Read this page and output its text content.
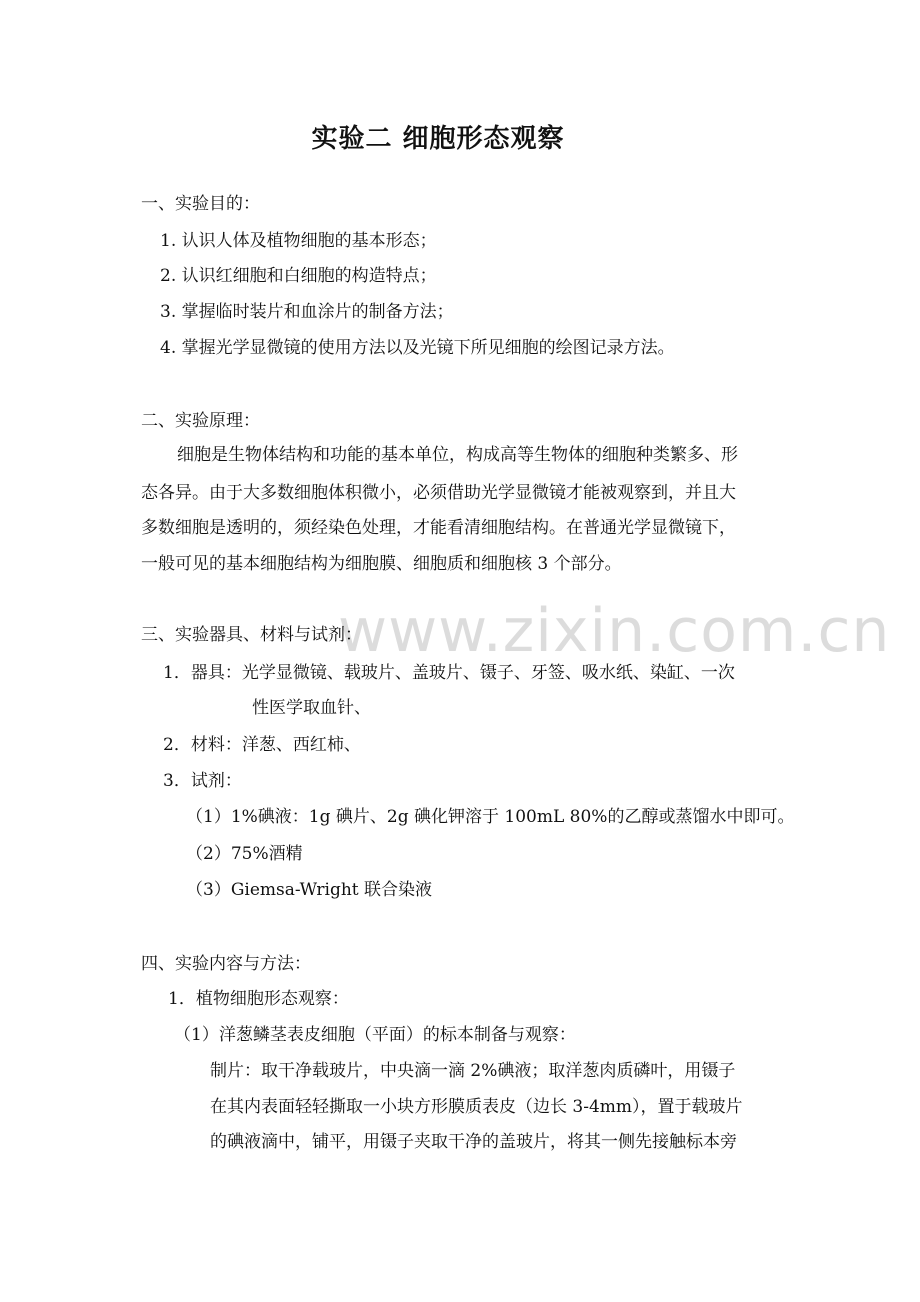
www.zixin.com.cn
实验二 细胞形态观察
一、实验目的：
1. 认识人体及植物细胞的基本形态；
2. 认识红细胞和白细胞的构造特点；
3. 掌握临时装片和血涂片的制备方法；
4. 掌握光学显微镜的使用方法以及光镜下所见细胞的绘图记录方法。
二、实验原理：
细胞是生物体结构和功能的基本单位，构成高等生物体的细胞种类繁多、形
态各异。由于大多数细胞体积微小，必须借助光学显微镜才能被观察到，并且大
多数细胞是透明的，须经染色处理，才能看清细胞结构。在普通光学显微镜下，
一般可见的基本细胞结构为细胞膜、细胞质和细胞核 3 个部分。
三、实验器具、材料与试剂：
1．器具：光学显微镜、载玻片、盖玻片、镊子、牙签、吸水纸、染缸、一次
性医学取血针、
2．材料：洋葱、西红柿、
3．试剂：
（1）1%碘液：1g 碘片、2g 碘化钾溶于 100mL 80%的乙醇或蒸馏水中即可。
（2）75%酒精
（3）Giemsa-Wright 联合染液
四、实验内容与方法：
1．植物细胞形态观察：
（1）洋葱鳞茎表皮细胞（平面）的标本制备与观察：
制片：取干净载玻片，中央滴一滴 2%碘液；取洋葱肉质磷叶，用镊子
在其内表面轻轻撕取一小块方形膜质表皮（边长 3-4mm），置于载玻片
的碘液滴中，铺平，用镊子夹取干净的盖玻片，将其一侧先接触标本旁
